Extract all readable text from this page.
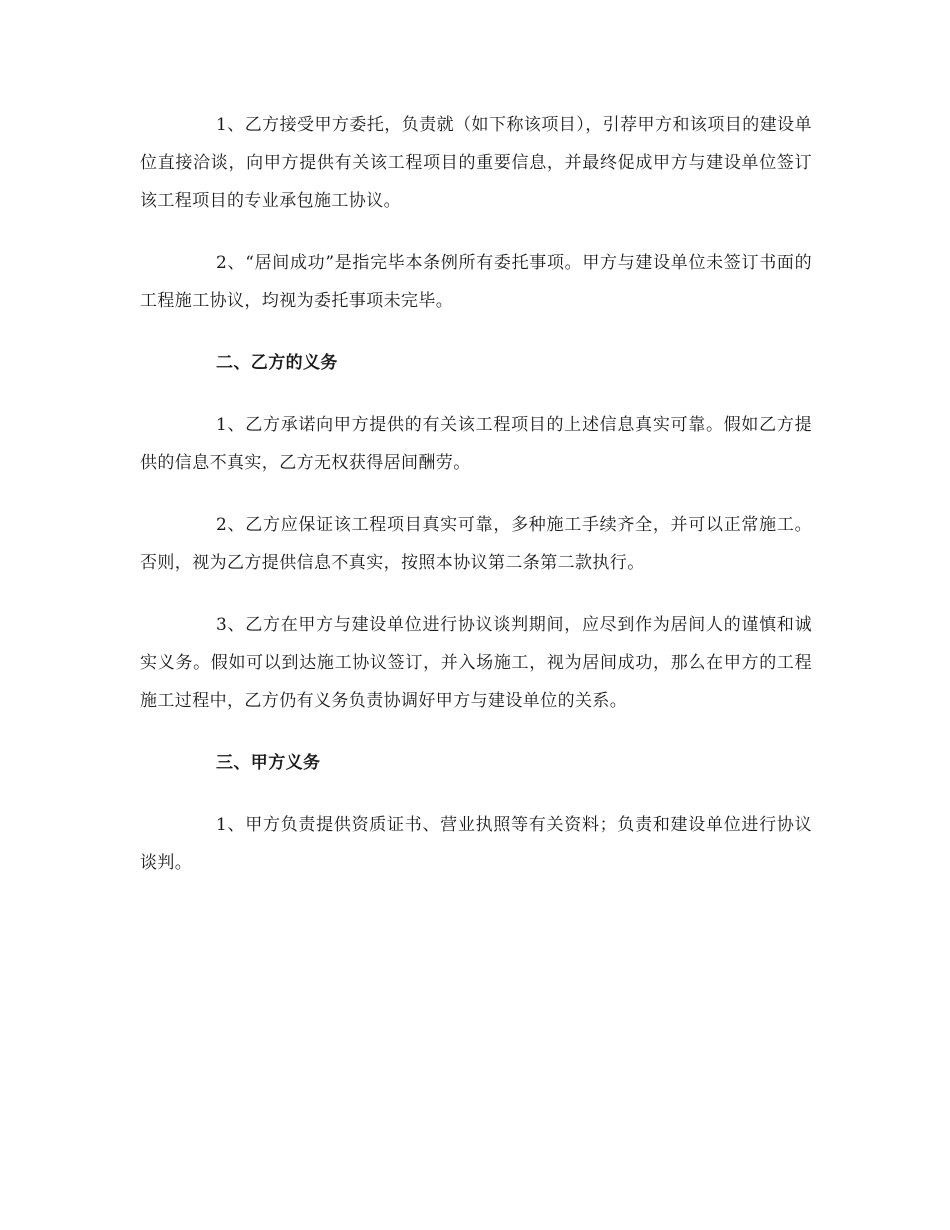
1、乙方接受甲方委托，负责就（如下称该项目），引荐甲方和该项目的建设单位直接洽谈，向甲方提供有关该工程项目的重要信息，并最终促成甲方与建设单位签订该工程项目的专业承包施工协议。

2、“居间成功”是指完毕本条例所有委托事项。甲方与建设单位未签订书面的工程施工协议，均视为委托事项未完毕。

二、乙方的义务

1、乙方承诺向甲方提供的有关该工程项目的上述信息真实可靠。假如乙方提供的信息不真实，乙方无权获得居间酬劳。

2、乙方应保证该工程项目真实可靠，多种施工手续齐全，并可以正常施工。否则，视为乙方提供信息不真实，按照本协议第二条第二款执行。

3、乙方在甲方与建设单位进行协议谈判期间，应尽到作为居间人的谨慎和诚实义务。假如可以到达施工协议签订，并入场施工，视为居间成功，那么在甲方的工程施工过程中，乙方仍有义务负责协调好甲方与建设单位的关系。

三、甲方义务

1、甲方负责提供资质证书、营业执照等有关资料；负责和建设单位进行协议谈判。
